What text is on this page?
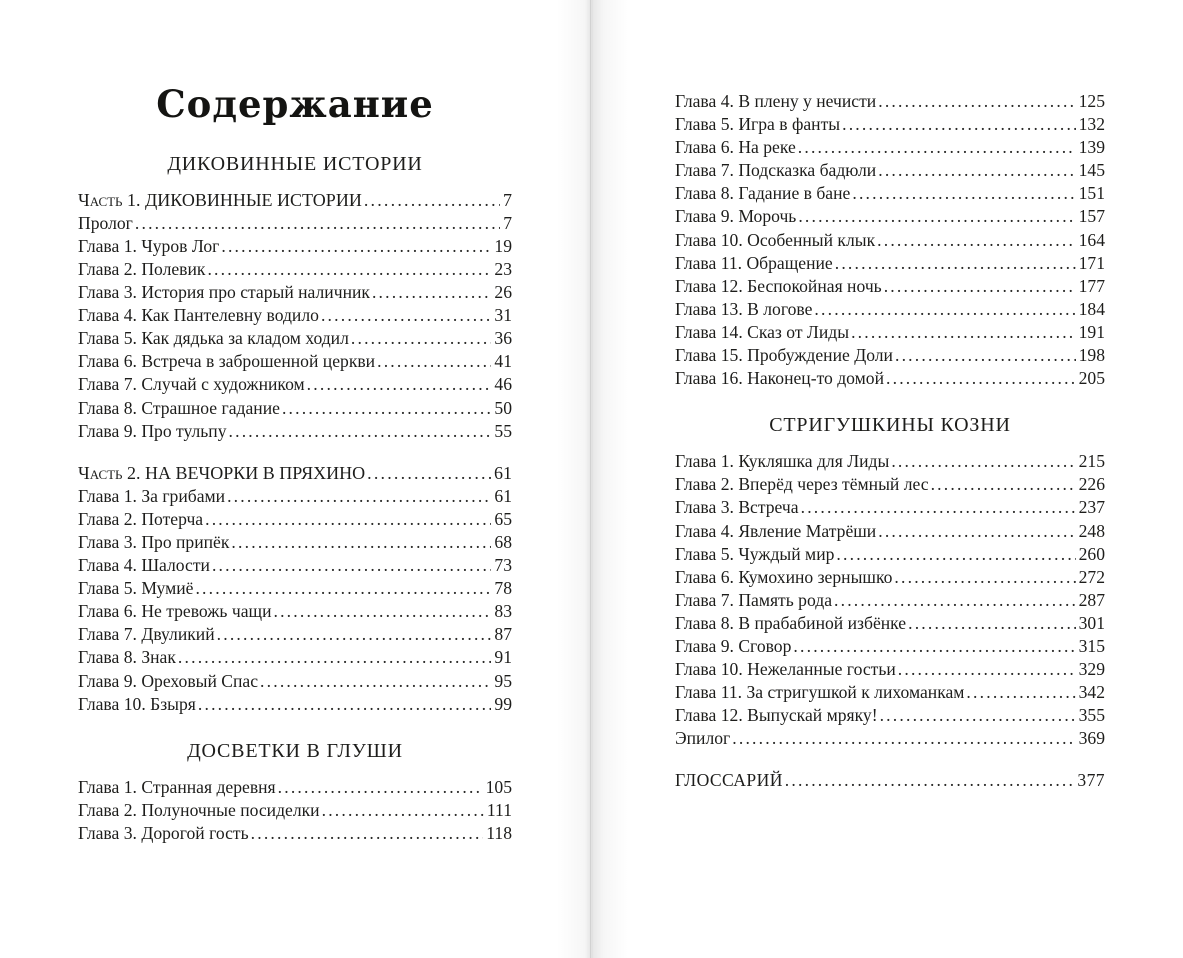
Содержание
ДИКОВИННЫЕ ИСТОРИИ
Часть 1. ДИКОВИННЫЕ ИСТОРИИ .....	7
Пролог .....	7
Глава 1. Чуров Лог .....	19
Глава 2. Полевик .....	23
Глава 3. История про старый наличник .....	26
Глава 4. Как Пантелевну водило .....	31
Глава 5. Как дядька за кладом ходил .....	36
Глава 6. Встреча в заброшенной церкви .....	41
Глава 7. Случай с художником .....	46
Глава 8. Страшное гадание .....	50
Глава 9. Про тульпу .....	55
Часть 2. НА ВЕЧОРКИ В ПРЯХИНО .....	61
Глава 1. За грибами .....	61
Глава 2. Потерча .....	65
Глава 3. Про припёк .....	68
Глава 4. Шалости .....	73
Глава 5. Мумиё .....	78
Глава 6. Не тревожь чащи .....	83
Глава 7. Двуликий .....	87
Глава 8. Знак .....	91
Глава 9. Ореховый Спас .....	95
Глава 10. Бзыря .....	99
ДОСВЕТКИ В ГЛУШИ
Глава 1. Странная деревня .....	105
Глава 2. Полуночные посиделки .....	111
Глава 3. Дорогой гость .....	118
Глава 4. В плену у нечисти .....	125
Глава 5. Игра в фанты .....	132
Глава 6. На реке .....	139
Глава 7. Подсказка бадюли .....	145
Глава 8. Гадание в бане .....	151
Глава 9. Морочь .....	157
Глава 10. Особенный клык .....	164
Глава 11. Обращение .....	171
Глава 12. Беспокойная ночь .....	177
Глава 13. В логове .....	184
Глава 14. Сказ от Лиды .....	191
Глава 15. Пробуждение Доли .....	198
Глава 16. Наконец-то домой .....	205
СТРИГУШКИНЫ КОЗНИ
Глава 1. Кукляшка для Лиды .....	215
Глава 2. Вперёд через тёмный лес .....	226
Глава 3. Встреча .....	237
Глава 4. Явление Матрёши .....	248
Глава 5. Чуждый мир .....	260
Глава 6. Кумохино зернышко .....	272
Глава 7. Память рода .....	287
Глава 8. В прабабиной избёнке .....	301
Глава 9. Сговор .....	315
Глава 10. Нежеланные гостьи .....	329
Глава 11. За стригушкой к лихоманкам .....	342
Глава 12. Выпускай мряку! .....	355
Эпилог .....	369
ГЛОССАРИЙ .....	377
